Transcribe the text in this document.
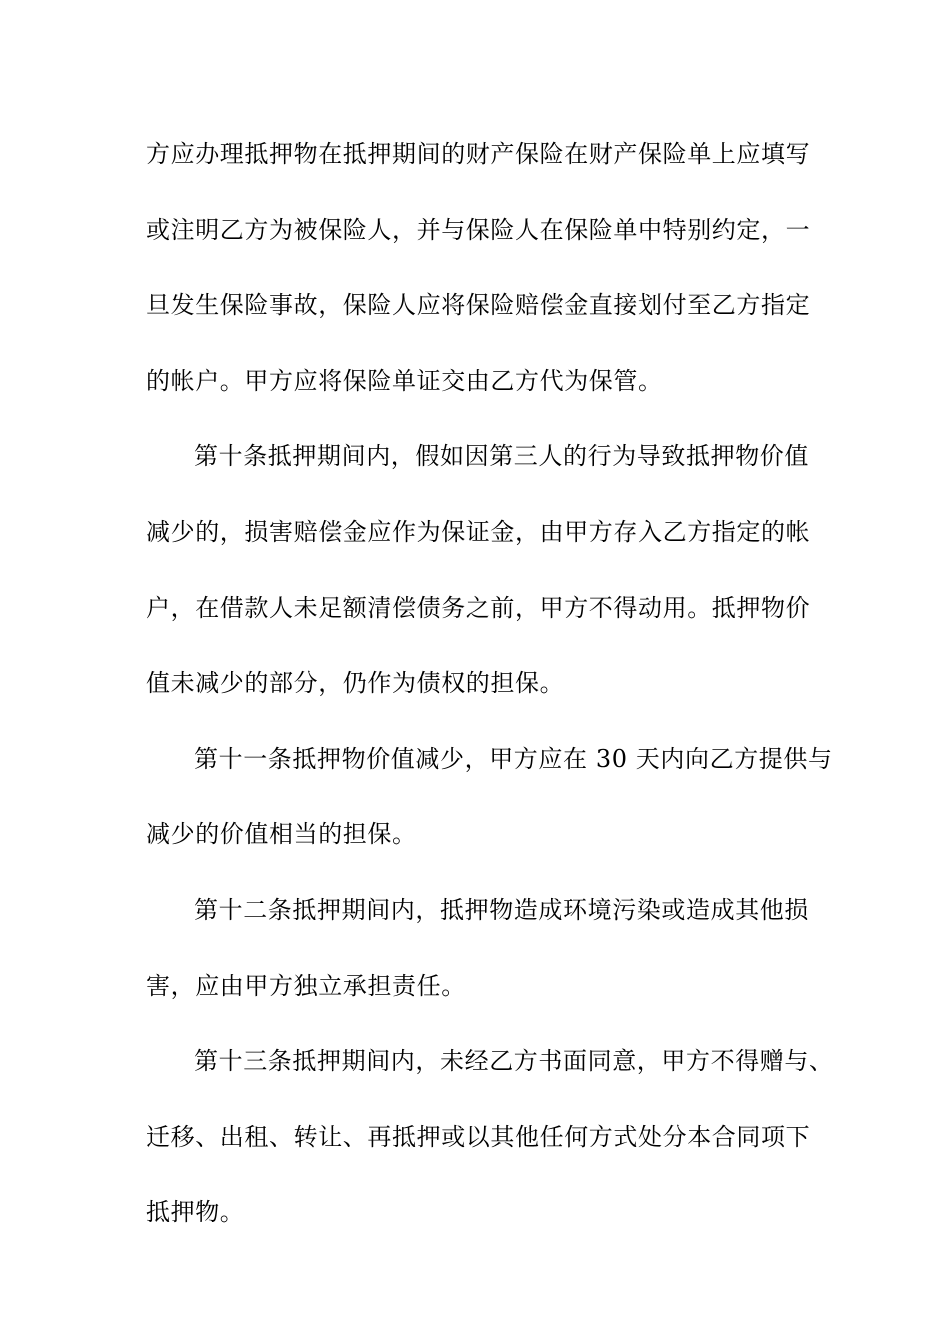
方应办理抵押物在抵押期间的财产保险在财产保险单上应填写
或注明乙方为被保险人，并与保险人在保险单中特别约定，一
旦发生保险事故，保险人应将保险赔偿金直接划付至乙方指定
的帐户。甲方应将保险单证交由乙方代为保管。
第十条抵押期间内，假如因第三人的行为导致抵押物价值
减少的，损害赔偿金应作为保证金，由甲方存入乙方指定的帐
户，在借款人未足额清偿债务之前，甲方不得动用。抵押物价
值未减少的部分，仍作为债权的担保。
第十一条抵押物价值减少，甲方应在 30 天内向乙方提供与
减少的价值相当的担保。
第十二条抵押期间内，抵押物造成环境污染或造成其他损
害，应由甲方独立承担责任。
第十三条抵押期间内，未经乙方书面同意，甲方不得赠与、
迁移、出租、转让、再抵押或以其他任何方式处分本合同项下
抵押物。
